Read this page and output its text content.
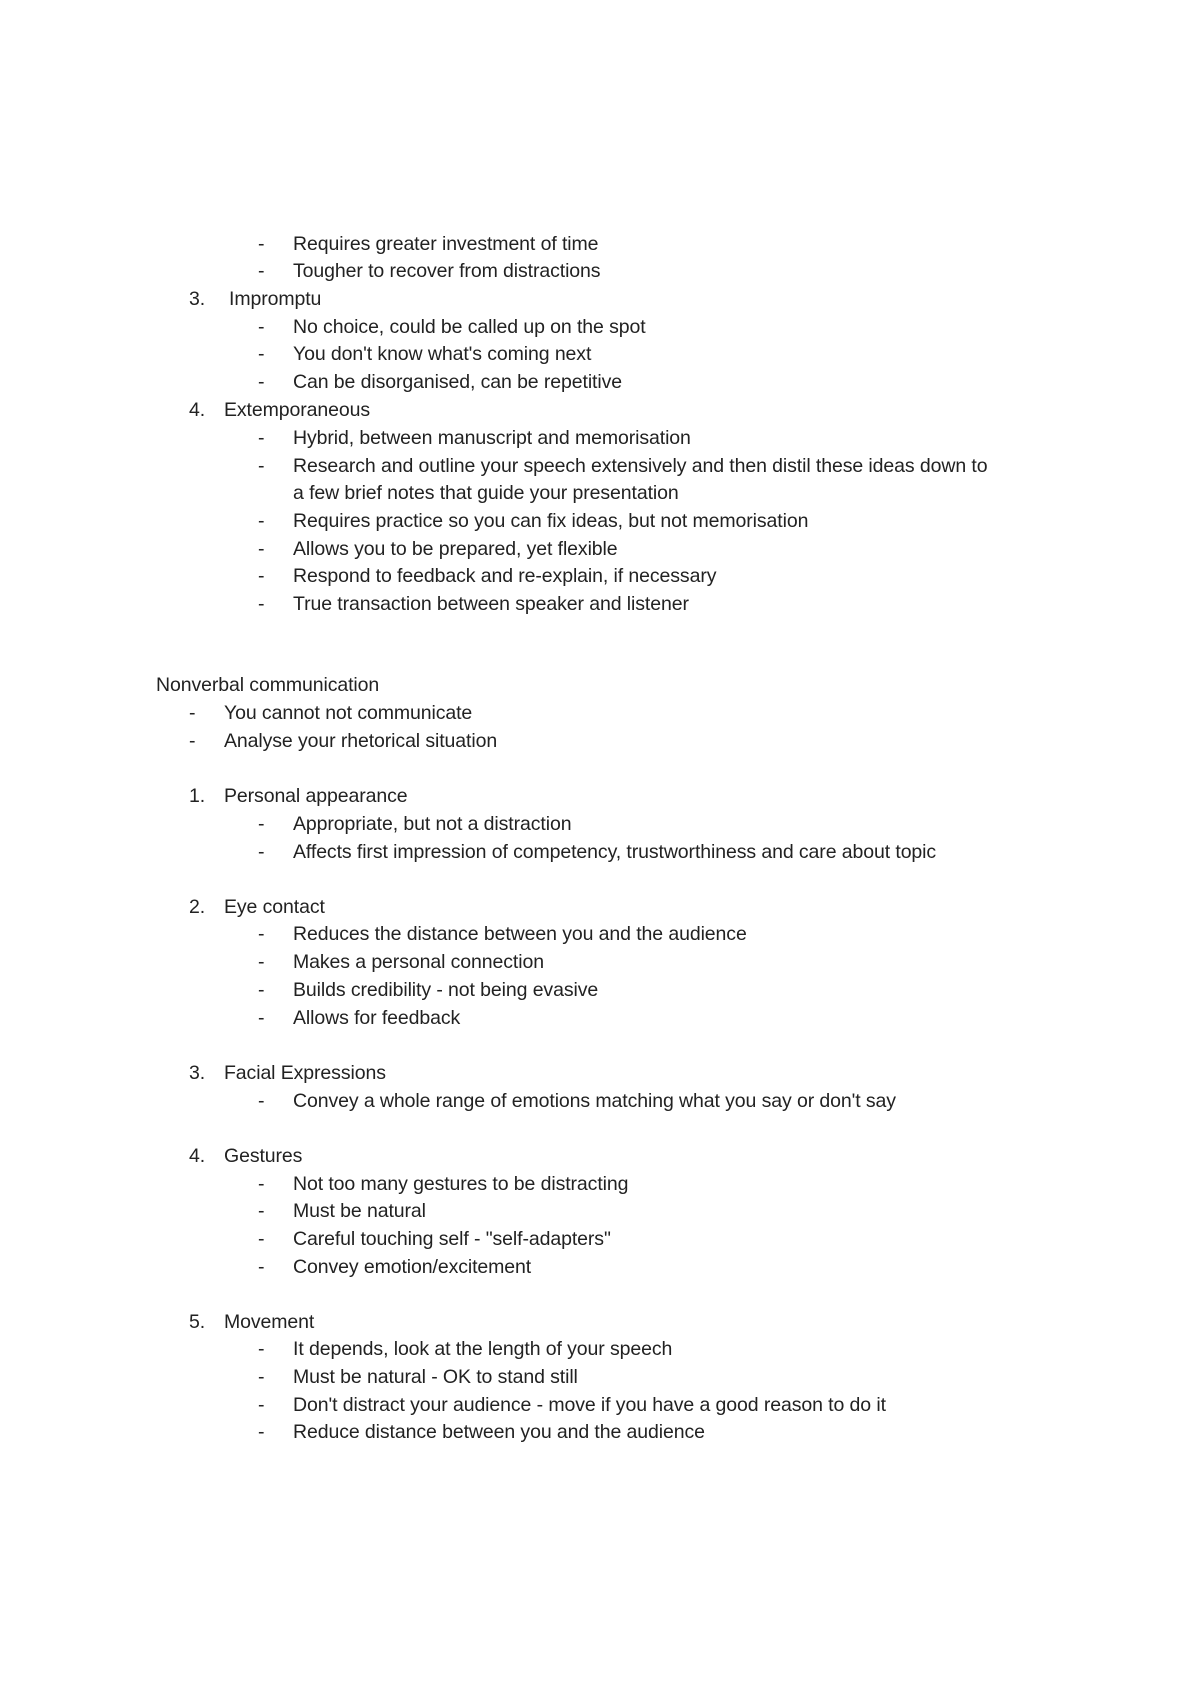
- Requires greater investment of time
- Tougher to recover from distractions
3. Impromptu
- No choice, could be called up on the spot
- You don't know what's coming next
- Can be disorganised, can be repetitive
4. Extemporaneous
- Hybrid, between manuscript and memorisation
- Research and outline your speech extensively and then distil these ideas down to
a few brief notes that guide your presentation
- Requires practice so you can fix ideas, but not memorisation
- Allows you to be prepared, yet flexible
- Respond to feedback and re-explain, if necessary
- True transaction between speaker and listener
Nonverbal communication
- You cannot not communicate
- Analyse your rhetorical situation
1. Personal appearance
- Appropriate, but not a distraction
- Affects first impression of competency, trustworthiness and care about topic
2. Eye contact
- Reduces the distance between you and the audience
- Makes a personal connection
- Builds credibility - not being evasive
- Allows for feedback
3. Facial Expressions
- Convey a whole range of emotions matching what you say or don't say
4. Gestures
- Not too many gestures to be distracting
- Must be natural
- Careful touching self - "self-adapters"
- Convey emotion/excitement
5. Movement
- It depends, look at the length of your speech
- Must be natural - OK to stand still
- Don't distract your audience - move if you have a good reason to do it
- Reduce distance between you and the audience
